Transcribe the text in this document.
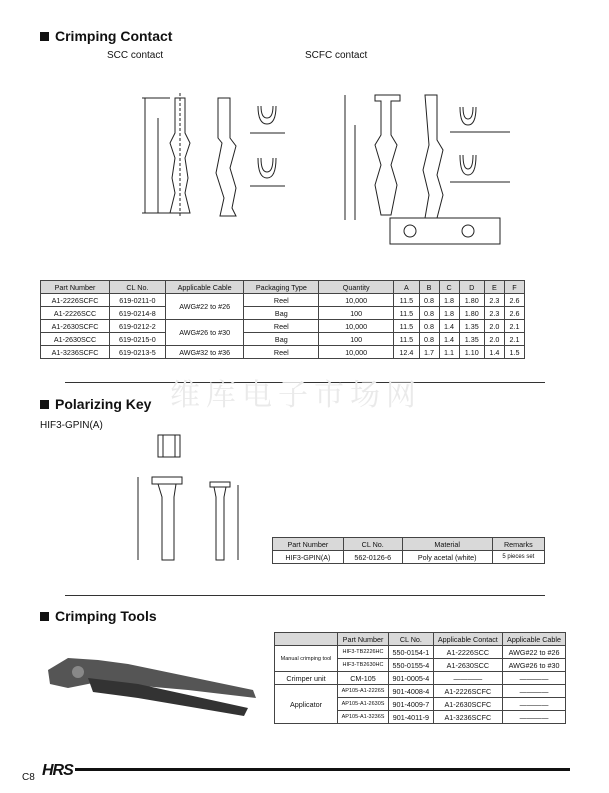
Crimping Contact
SCC contact	SCFC contact
Part Number	CL No.	Applicable Cable	Packaging Type	Quantity	A	B	C	D	E	F
A1-2226SCFC	619-0211-0	AWG#22 to #26	Reel	10,000	11.5	0.8	1.8	1.80	2.3	2.6
A1-2226SCC	619-0214-8		Bag	100	11.5	0.8	1.8	1.80	2.3	2.6
A1-2630SCFC	619-0212-2	AWG#26 to #30	Reel	10,000	11.5	0.8	1.4	1.35	2.0	2.1
A1-2630SCC	619-0215-0		Bag	100	11.5	0.8	1.4	1.35	2.0	2.1
A1-3236SCFC	619-0213-5	AWG#32 to #36	Reel	10,000	12.4	1.7	1.1	1.10	1.4	1.5
维库电子市场网
Polarizing Key
HIF3-GPIN(A)
Part Number	CL No.	Material	Remarks
HIF3-GPIN(A)	562-0126-6	Poly acetal (white)	5 pieces set
Crimping Tools
	Part Number	CL No.	Applicable Contact	Applicable Cable
Manual crimping tool	HIF3-TB2226HC	550-0154-1	A1-2226SCC	AWG#22 to #26
	HIF3-TB2630HC	550-0155-4	A1-2630SCC	AWG#26 to #30
Crimper unit	CM-105	901-0005-4	————	————
Applicator	AP105-A1-2226S	901-4008-4	A1-2226SCFC	————
	AP105-A1-2630S	901-4009-7	A1-2630SCFC	————
	AP105-A1-3236S	901-4011-9	A1-3236SCFC	————
C8 HRS
